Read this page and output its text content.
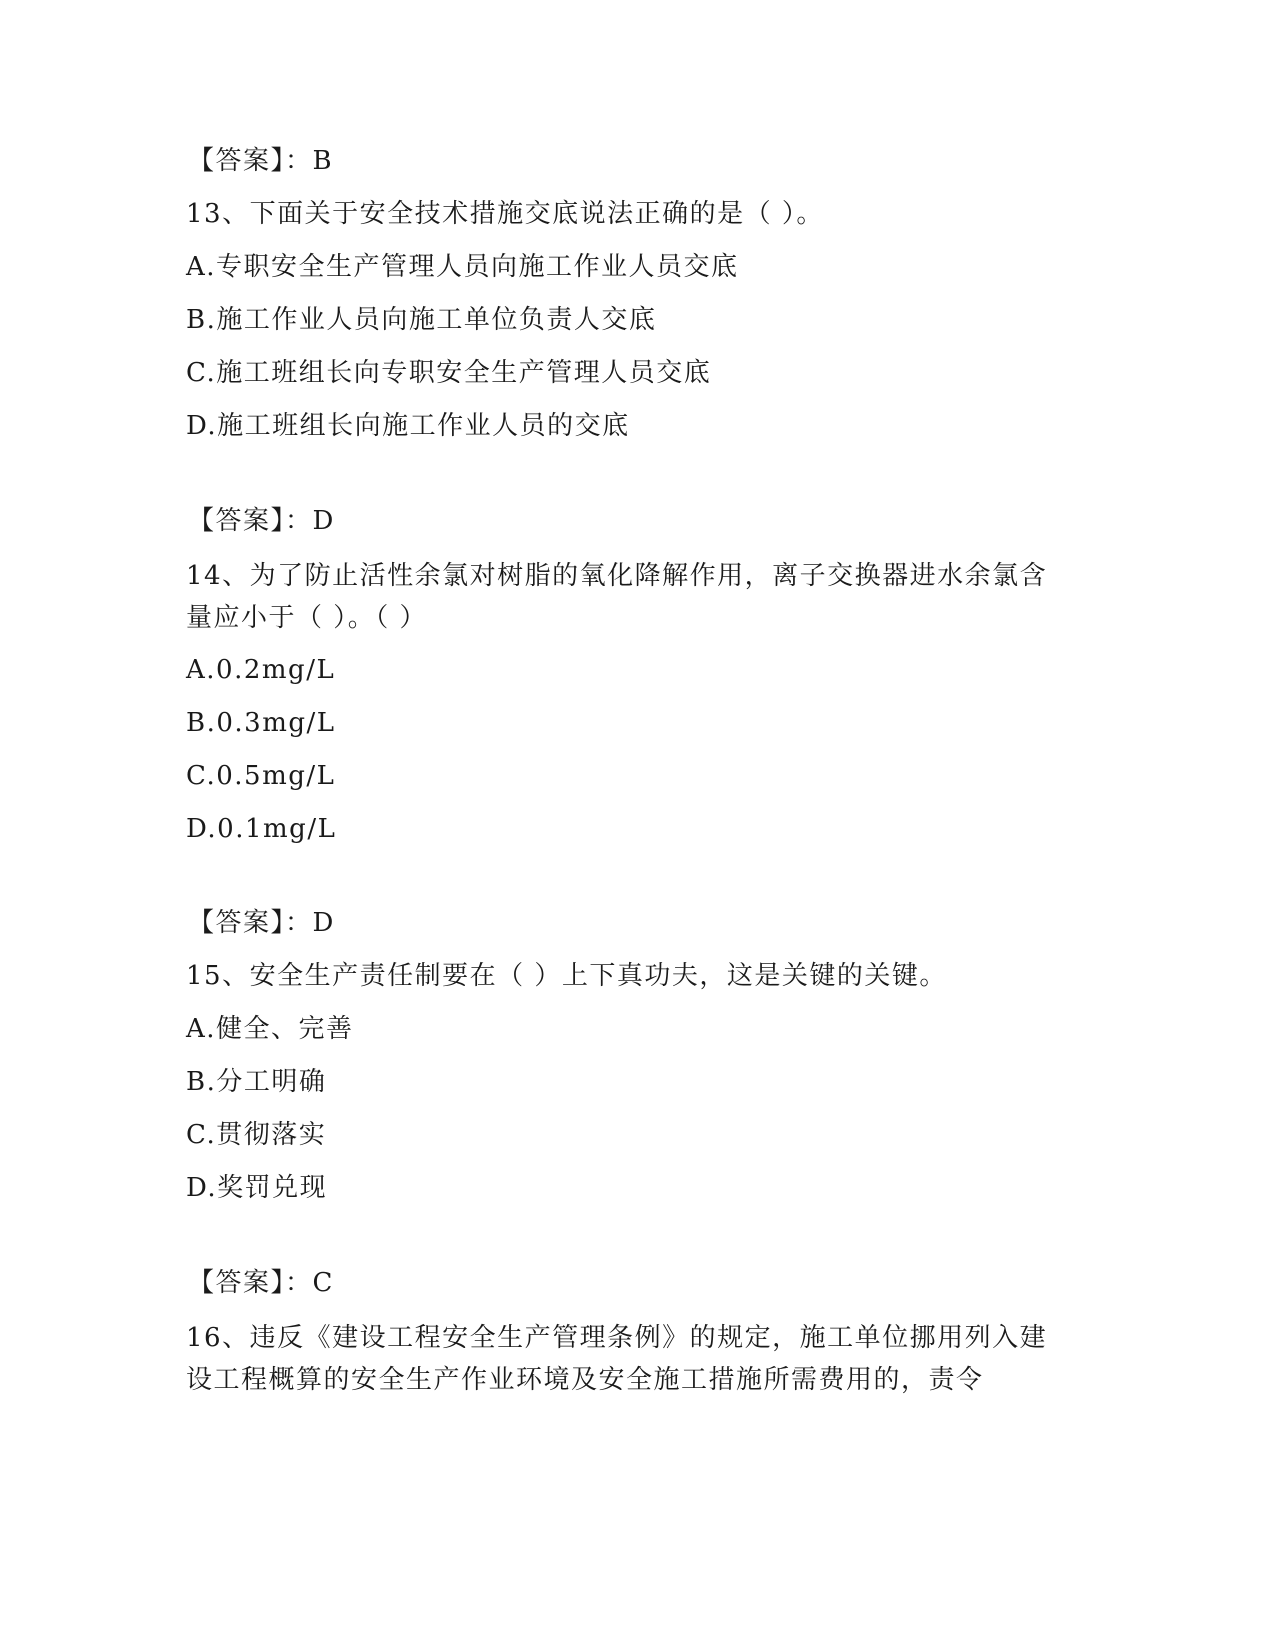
【答案】：B
13、下面关于安全技术措施交底说法正确的是（ ）。
A.专职安全生产管理人员向施工作业人员交底
B.施工作业人员向施工单位负责人交底
C.施工班组长向专职安全生产管理人员交底
D.施工班组长向施工作业人员的交底
【答案】：D
14、为了防止活性余氯对树脂的氧化降解作用，离子交换器进水余氯含量应小于（ ）。（ ）
A.0.2mg/L
B.0.3mg/L
C.0.5mg/L
D.0.1mg/L
【答案】：D
15、安全生产责任制要在（ ）上下真功夫，这是关键的关键。
A.健全、完善
B.分工明确
C.贯彻落实
D.奖罚兑现
【答案】：C
16、违反《建设工程安全生产管理条例》的规定，施工单位挪用列入建设工程概算的安全生产作业环境及安全施工措施所需费用的，责令
